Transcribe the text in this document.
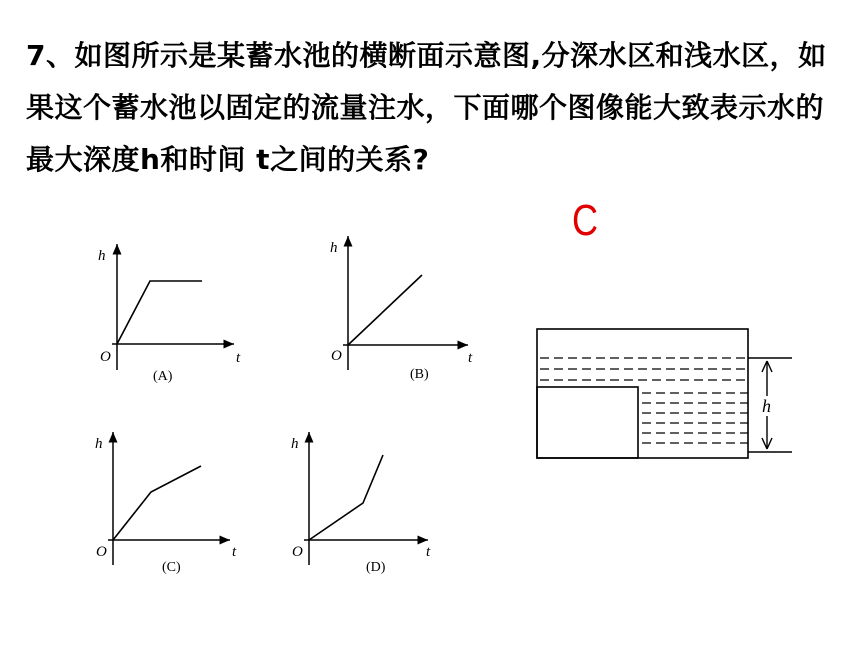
7、如图所示是某蓄水池的横断面示意图,分深水区和浅水区，如果这个蓄水池以固定的流量注水，下面哪个图像能大致表示水的最大深度h和时间 t之间的关系?
C
h
O	t
(A)
h
O	t
(B)
h
O	t
(C)
h
O	t
(D)
h
